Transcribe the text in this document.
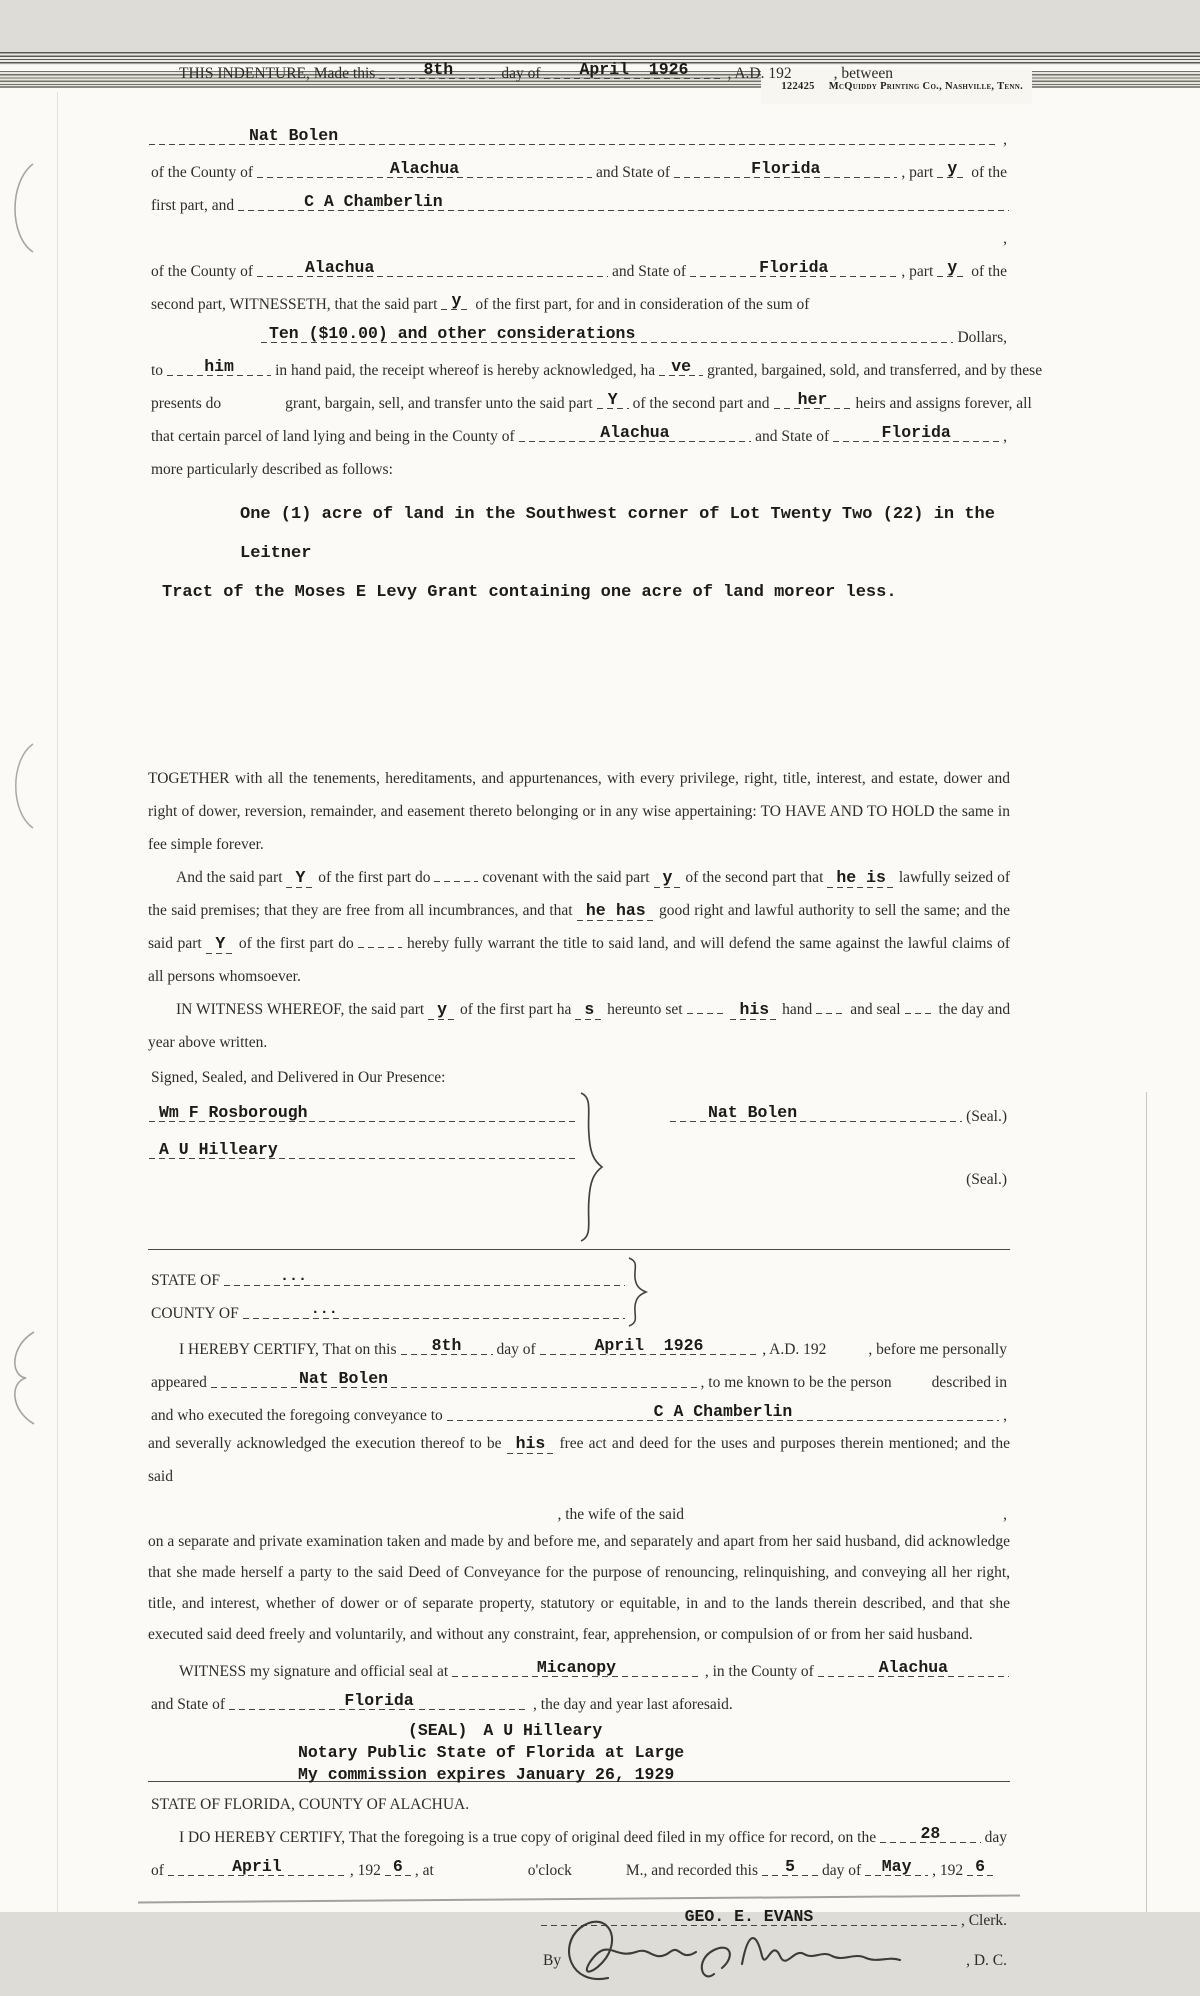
122425 McQuiddy Printing Co., Nashville, Tenn.

THIS INDENTURE, Made this	8th	day of	April  1926	, A.D. 192	, between
Nat Bolen	,
of the County of	Alachua	and State of	Florida	, part y of the
first part, and	C A Chamberlin
,
of the County of	Alachua	and State of	Florida	, part y of the
second part, WITNESSETH, that the said part y of the first part, for and in consideration of the sum of
Ten ($10.00) and other considerations	Dollars,
to	him	in hand paid, the receipt whereof is hereby acknowledged, ha ve	granted, bargained, sold, and transferred, and by these
presents do	grant, bargain, sell, and transfer unto the said part Y of the second part and	her	heirs and assigns forever, all
that certain parcel of land lying and being in the County of	Alachua	and State of	Florida	,
more particularly described as follows:
One (1) acre of land in the Southwest corner of Lot Twenty Two (22) in the Leitner
Tract of the Moses E Levy Grant containing one acre of land moreor less.

TOGETHER with all the tenements, hereditaments, and appurtenances, with every privilege, right, title, interest, and estate, dower and right of dower, reversion, remainder, and easement thereto belonging or in any wise appertaining: TO HAVE AND TO HOLD the same in fee simple forever.

And the said part Y of the first part do	covenant with the said part y of the second part that he is lawfully seized of the said premises; that they are free from all incumbrances, and that he has good right and lawful authority to sell the same; and the said part Y of the first part do	hereby fully warrant the title to said land, and will defend the same against the lawful claims of all persons whomsoever.

IN WITNESS WHEREOF, the said part y of the first part ha s hereunto set	his hand and seal the day and year above written.

Signed, Sealed, and Delivered in Our Presence:
Wm F Rosborough
A U Hilleary
Nat Bolen	(Seal.)
(Seal.)
STATE OF	...
COUNTY OF	...
I HEREBY CERTIFY, That on this	8th	day of	April  1926	, A.D. 192	, before me personally
appeared	Nat Bolen	, to me known to be the person	described in
and who executed the foregoing conveyance to	C A Chamberlin	,

and severally acknowledged the execution thereof to be his free act and deed for the uses and purposes therein mentioned; and the said

, the wife of the said	,

on a separate and private examination taken and made by and before me, and separately and apart from her said husband, did acknowledge that she made herself a party to the said Deed of Conveyance for the purpose of renouncing, relinquishing, and conveying all her right, title, and interest, whether of dower or of separate property, statutory or equitable, in and to the lands therein described, and that she executed said deed freely and voluntarily, and without any constraint, fear, apprehension, or compulsion of or from her said husband.

WITNESS my signature and official seal at	Micanopy	, in the County of	Alachua
and State of	Florida	, the day and year last aforesaid.
(SEAL) A U Hilleary
Notary Public State of Florida at Large
My commission expires January 26, 1929
STATE OF FLORIDA, COUNTY OF ALACHUA.
I DO HEREBY CERTIFY, That the foregoing is a true copy of original deed filed in my office for record, on the	28	day
of	April	, 192 6 , at	o'clock	M., and recorded this	5	day of	May	, 192 6
GEO. E. EVANS	, Clerk.
By	, D. C.
